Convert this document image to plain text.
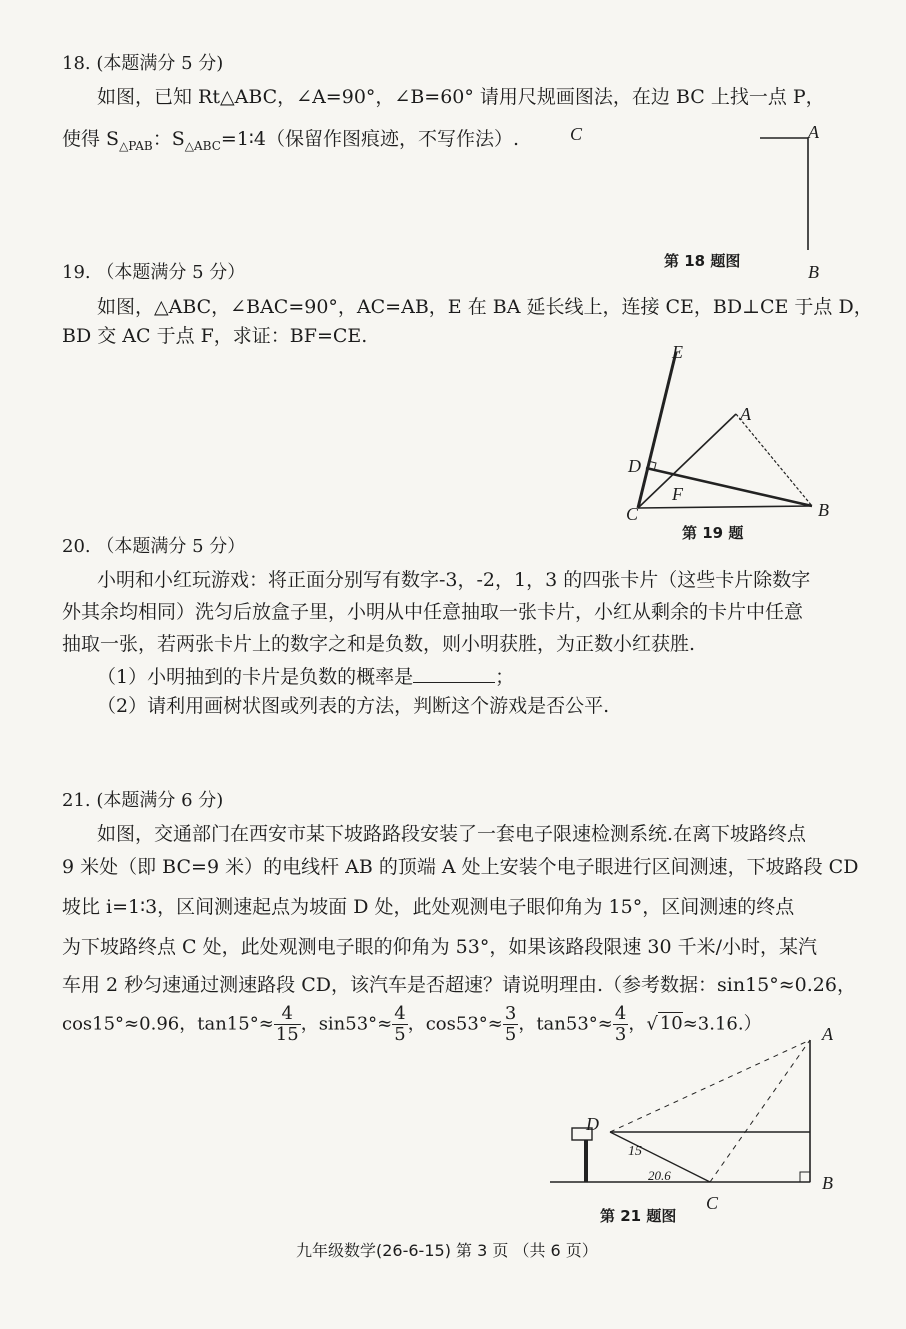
18. (本题满分 5 分)
如图，已知 Rt△ABC，∠A=90°，∠B=60° 请用尺规画图法，在边 BC 上找一点 P，
使得 $S_{\triangle PAB}$：$S_{\triangle ABC}=1∶4$（保留作图痕迹，不写作法）.	C	A
B
第 18 题图
19. （本题满分 5 分）
如图，△ABC，∠BAC=90°，AC=AB，E 在 BA 延长线上，连接 CE，BD⊥CE 于点 D，
BD 交 AC 于点 F，求证：BF=CE.
E
A
D
F
C	B
第 19 题
20. （本题满分 5 分）
小明和小红玩游戏：将正面分别写有数字-3，-2，1，3 的四张卡片（这些卡片除数字
外其余均相同）洗匀后放盒子里，小明从中任意抽取一张卡片，小红从剩余的卡片中任意
抽取一张，若两张卡片上的数字之和是负数，则小明获胜，为正数小红获胜.
（1）小明抽到的卡片是负数的概率是	；
（2）请利用画树状图或列表的方法，判断这个游戏是否公平.
21. (本题满分 6 分)
如图，交通部门在西安市某下坡路路段安装了一套电子限速检测系统.在离下坡路终点
9 米处（即 BC=9 米）的电线杆 AB 的顶端 A 处上安装个电子眼进行区间测速，下坡路段 CD
坡比 i=1∶3，区间测速起点为坡面 D 处，此处观测电子眼仰角为 15°，区间测速的终点
为下坡路终点 C 处，此处观测电子眼的仰角为 53°，如果该路段限速 30 千米/小时，某汽
车用 2 秒匀速通过测速路段 CD，该汽车是否超速？请说明理由.（参考数据：sin15°≈0.26，
cos15°≈0.96，$\tan 15^\circ\approx \frac{4}{15}$ ，$\sin 53^\circ\approx \frac{4}{5}$ ，$\cos 53^\circ\approx \frac{3}{5}$ ，$\tan 53^\circ\approx \frac{4}{3}$ ，√ 10≈3.16.）	A
B
C
D
15
20.6
第 21 题图
九年级数学(26-6-15) 第 3 页 （共 6 页）
